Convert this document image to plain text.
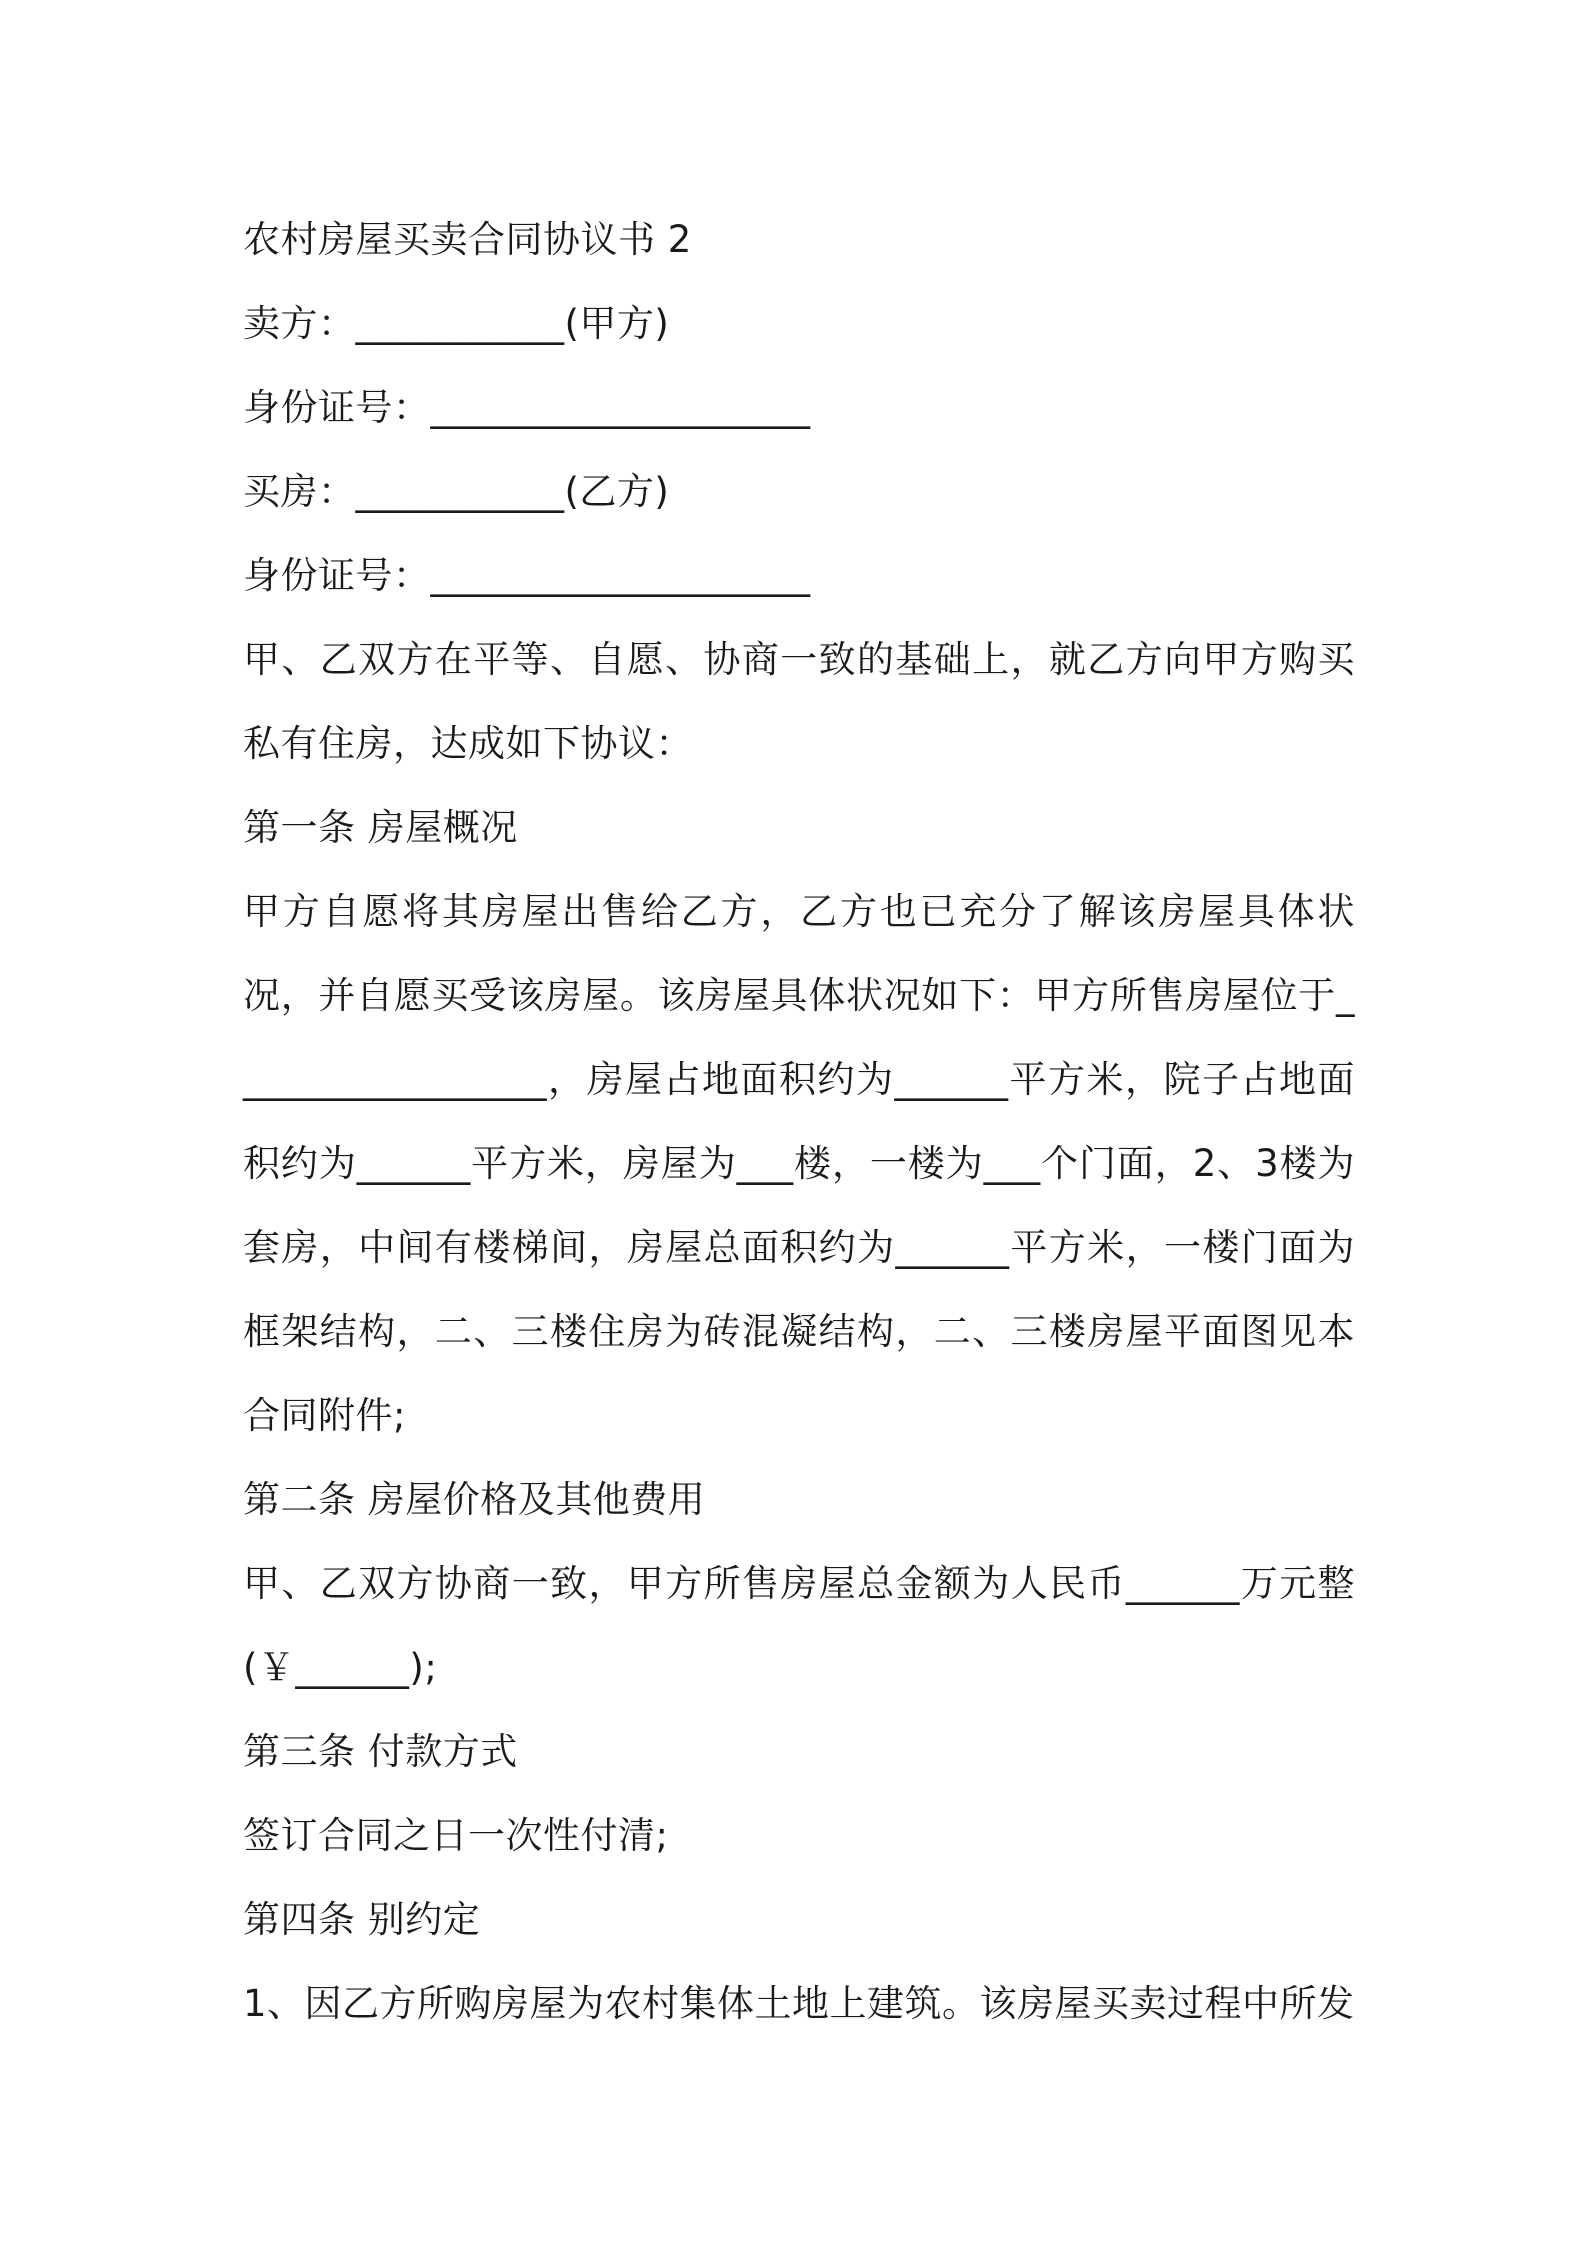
农村房屋买卖合同协议书 2
卖方：___________(甲方)
身份证号：____________________
买房：___________(乙方)
身份证号：____________________
甲、乙双方在平等、自愿、协商一致的基础上，就乙方向甲方购买私有住房，达成如下协议：
第一条 房屋概况
甲方自愿将其房屋出售给乙方，乙方也已充分了解该房屋具体状况，并自愿买受该房屋。该房屋具体状况如下：甲方所售房屋位于_________________，房屋占地面积约为______平方米，院子占地面积约为______平方米，房屋为___楼，一楼为___个门面，2、3楼为套房，中间有楼梯间，房屋总面积约为______平方米，一楼门面为框架结构，二、三楼住房为砖混凝结构，二、三楼房屋平面图见本合同附件;
第二条 房屋价格及其他费用
甲、乙双方协商一致，甲方所售房屋总金额为人民币______万元整(￥______);
第三条 付款方式
签订合同之日一次性付清;
第四条 别约定
1、因乙方所购房屋为农村集体土地上建筑。该房屋买卖过程中所发
